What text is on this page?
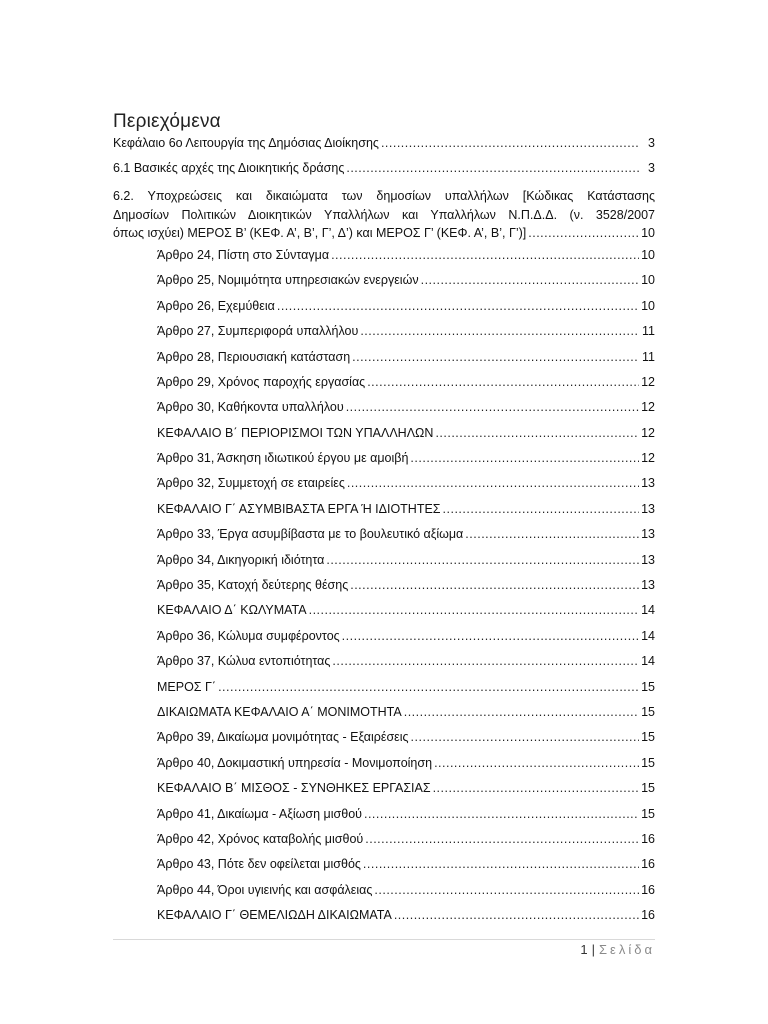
Περιεχόμενα
Κεφάλαιο 6ο Λειτουργία της Δημόσιας Διοίκησης .....	3
6.1 Βασικές αρχές της Διοικητικής δράσης .....	3
6.2. Υποχρεώσεις και δικαιώματα των δημοσίων υπαλλήλων [Κώδικας Κατάστασης
Δημοσίων Πολιτικών Διοικητικών Υπαλλήλων και Υπαλλήλων Ν.Π.Δ.Δ. (ν. 3528/2007
όπως ισχύει) ΜΕΡΟΣ Β’ (ΚΕΦ. Α’, Β’, Γ’, Δ’) και ΜΕΡΟΣ Γ’ (ΚΕΦ. Α’, Β’, Γ’)] .....	10
Άρθρο 24, Πίστη στο Σύνταγμα .....	10
Άρθρο 25, Νομιμότητα υπηρεσιακών ενεργειών .....	10
Άρθρο 26, Εχεμύθεια .....	10
Άρθρο 27, Συμπεριφορά υπαλλήλου .....	11
Άρθρο 28, Περιουσιακή κατάσταση .....	11
Άρθρο 29, Χρόνος παροχής εργασίας .....	12
Άρθρο 30, Καθήκοντα υπαλλήλου .....	12
ΚΕΦΑΛΑΙΟ Β΄ ΠΕΡΙΟΡΙΣΜΟΙ ΤΩΝ ΥΠΑΛΛΗΛΩΝ .....	12
Άρθρο 31, Άσκηση ιδιωτικού έργου με αμοιβή .....	12
Άρθρο 32, Συμμετοχή σε εταιρείες .....	13
ΚΕΦΑΛΑΙΟ Γ΄ ΑΣΥΜΒΙΒΑΣΤΑ ΕΡΓΑ Ή ΙΔΙΟΤΗΤΕΣ .....	13
Άρθρο 33, Έργα ασυμβίβαστα με το βουλευτικό αξίωμα .....	13
Άρθρο 34, Δικηγορική ιδιότητα .....	13
Άρθρο 35, Κατοχή δεύτερης θέσης .....	13
ΚΕΦΑΛΑΙΟ Δ΄ ΚΩΛΥΜΑΤΑ .....	14
Άρθρο 36, Κώλυμα συμφέροντος .....	14
Άρθρο 37, Κώλυα εντοπιότητας .....	14
ΜΕΡΟΣ Γ΄ .....	15
ΔΙΚΑΙΩΜΑΤΑ ΚΕΦΑΛΑΙΟ Α΄ ΜΟΝΙΜΟΤΗΤΑ .....	15
Άρθρο 39, Δικαίωμα μονιμότητας - Εξαιρέσεις .....	15
Άρθρο 40, Δοκιμαστική υπηρεσία - Μονιμοποίηση .....	15
ΚΕΦΑΛΑΙΟ Β΄ ΜΙΣΘΟΣ - ΣΥΝΘΗΚΕΣ ΕΡΓΑΣΙΑΣ .....	15
Άρθρο 41, Δικαίωμα - Αξίωση μισθού .....	15
Άρθρο 42, Χρόνος καταβολής μισθού .....	16
Άρθρο 43, Πότε δεν οφείλεται μισθός .....	16
Άρθρο 44, Όροι υγιεινής και ασφάλειας .....	16
ΚΕΦΑΛΑΙΟ Γ΄ ΘΕΜΕΛΙΩΔΗ ΔΙΚΑΙΩΜΑΤΑ .....	16
1 | Σελίδα
